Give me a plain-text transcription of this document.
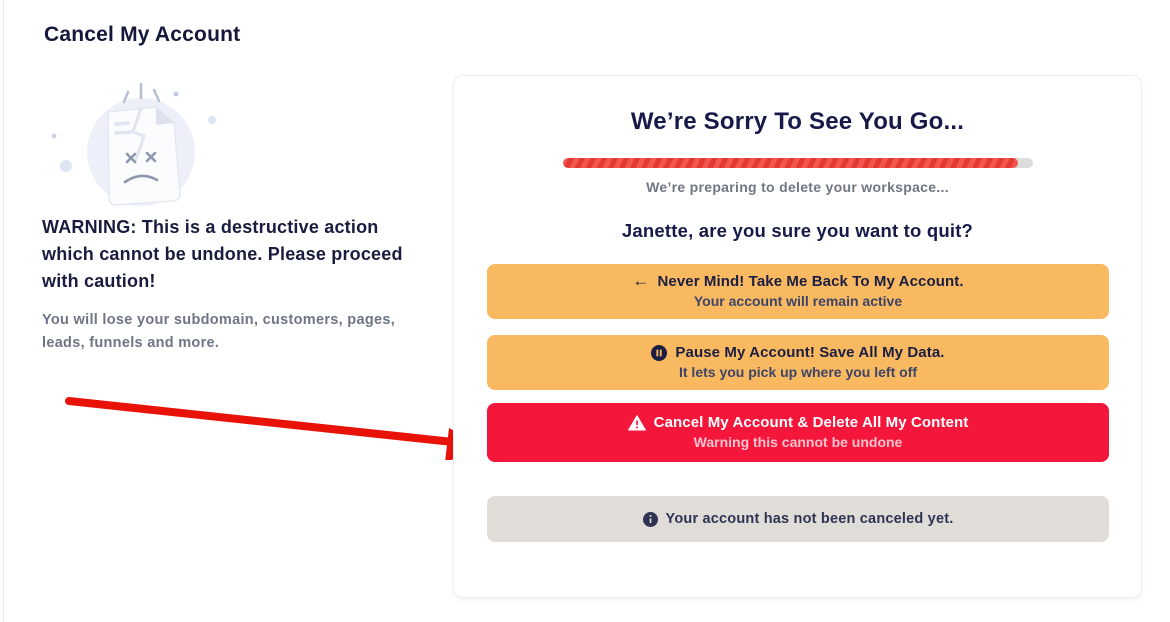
Cancel My Account
WARNING: This is a destructive action which cannot be undone. Please proceed with caution!
You will lose your subdomain, customers, pages, leads, funnels and more.
We’re Sorry To See You Go...
We’re preparing to delete your workspace...
Janette, are you sure you want to quit?
← Never Mind! Take Me Back To My Account.
Your account will remain active
Pause My Account! Save All My Data.
It lets you pick up where you left off
Cancel My Account & Delete All My Content
Warning this cannot be undone
Your account has not been canceled yet.
